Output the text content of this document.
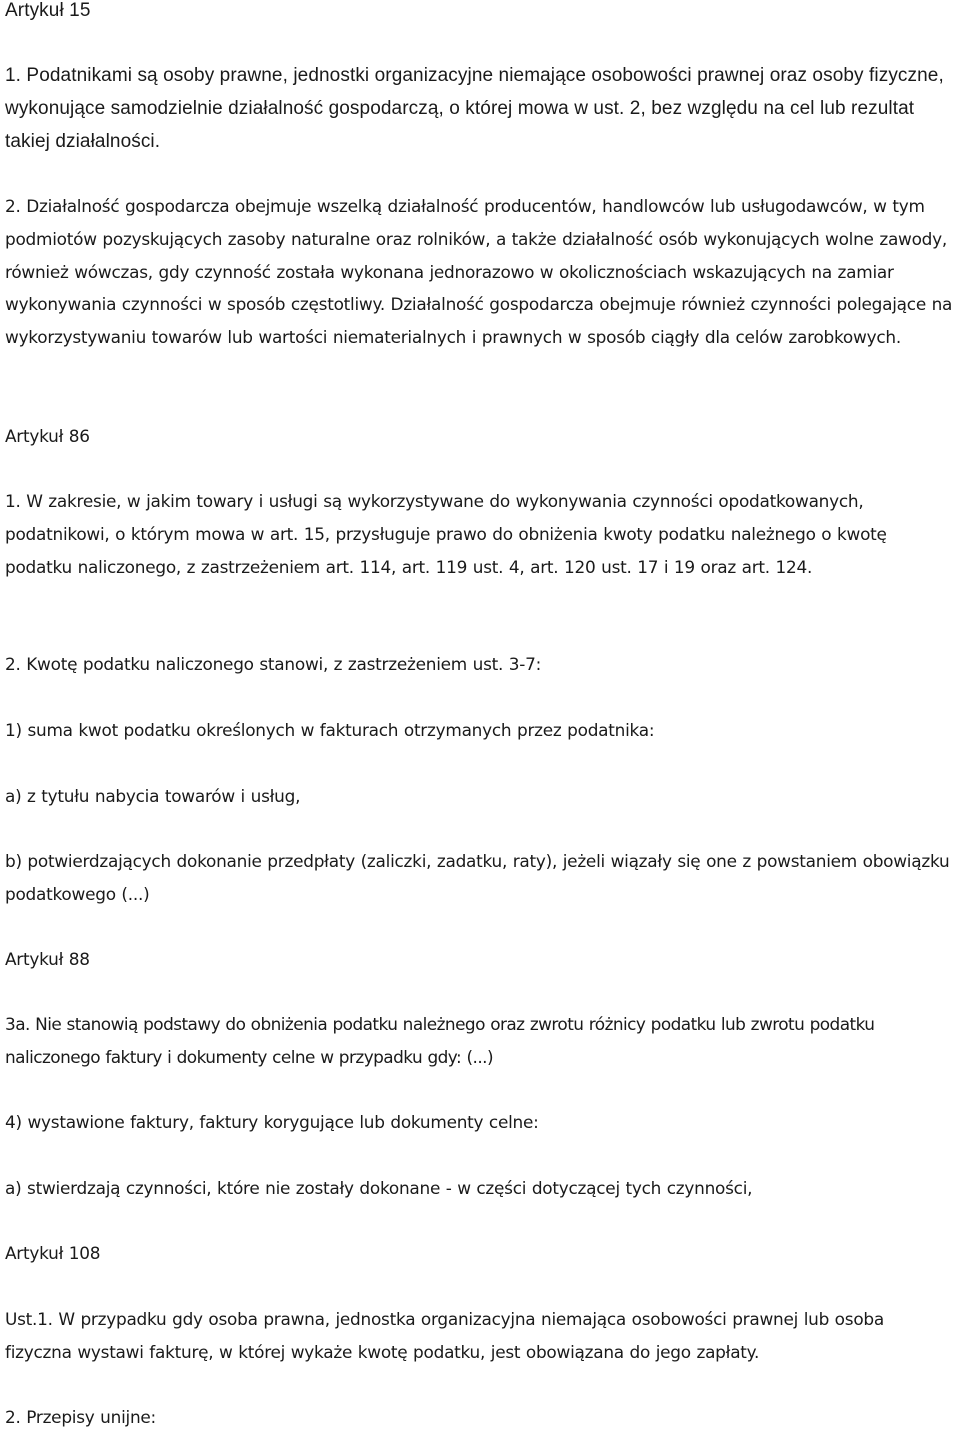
Artykuł 15

1. Podatnikami są osoby prawne, jednostki organizacyjne niemające osobowości prawnej oraz osoby fizyczne, wykonujące samodzielnie działalność gospodarczą, o której mowa w ust. 2, bez względu na cel lub rezultat takiej działalności.

2. Działalność gospodarcza obejmuje wszelką działalność producentów, handlowców lub usługodawców, w tym podmiotów pozyskujących zasoby naturalne oraz rolników, a także działalność osób wykonujących wolne zawody, również wówczas, gdy czynność została wykonana jednorazowo w okolicznościach wskazujących na zamiar wykonywania czynności w sposób częstotliwy. Działalność gospodarcza obejmuje również czynności polegające na wykorzystywaniu towarów lub wartości niematerialnych i prawnych w sposób ciągły dla celów zarobkowych.

Artykuł 86

1. W zakresie, w jakim towary i usługi są wykorzystywane do wykonywania czynności opodatkowanych, podatnikowi, o którym mowa w art. 15, przysługuje prawo do obniżenia kwoty podatku należnego o kwotę podatku naliczonego, z zastrzeżeniem art. 114, art. 119 ust. 4, art. 120 ust. 17 i 19 oraz art. 124.

2. Kwotę podatku naliczonego stanowi, z zastrzeżeniem ust. 3-7:

1) suma kwot podatku określonych w fakturach otrzymanych przez podatnika:

a) z tytułu nabycia towarów i usług,

b) potwierdzających dokonanie przedpłaty (zaliczki, zadatku, raty), jeżeli wiązały się one z powstaniem obowiązku podatkowego (...)

Artykuł 88

3a. Nie stanowią podstawy do obniżenia podatku należnego oraz zwrotu różnicy podatku lub zwrotu podatku naliczonego faktury i dokumenty celne w przypadku gdy: (...)

4) wystawione faktury, faktury korygujące lub dokumenty celne:

a) stwierdzają czynności, które nie zostały dokonane - w części dotyczącej tych czynności,

Artykuł 108

Ust.1. W przypadku gdy osoba prawna, jednostka organizacyjna niemająca osobowości prawnej lub osoba fizyczna wystawi fakturę, w której wykaże kwotę podatku, jest obowiązana do jego zapłaty.

2. Przepisy unijne:
